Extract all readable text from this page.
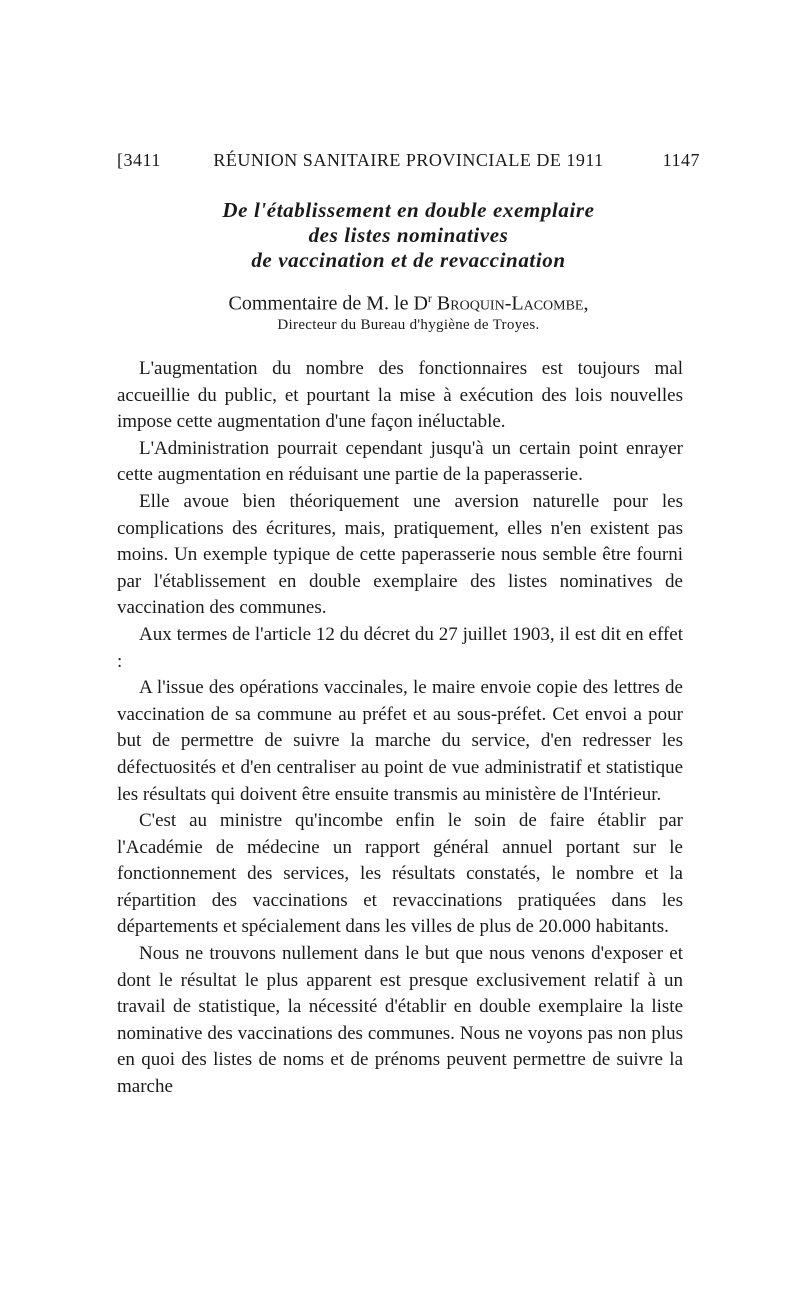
[3411	RÉUNION SANITAIRE PROVINCIALE DE 1911	1147
De l'établissement en double exemplaire
des listes nominatives
de vaccination et de revaccination
Commentaire de M. le $D^r$ Broquin-Lacombe,
Directeur du Bureau d'hygiène de Troyes.

L'augmentation du nombre des fonctionnaires est toujours mal accueillie du public, et pourtant la mise à exécution des lois nouvelles impose cette augmentation d'une façon inéluctable.

L'Administration pourrait cependant jusqu'à un certain point enrayer cette augmentation en réduisant une partie de la paperasserie.

Elle avoue bien théoriquement une aversion naturelle pour les complications des écritures, mais, pratiquement, elles n'en existent pas moins. Un exemple typique de cette paperasserie nous semble être fourni par l'établissement en double exemplaire des listes nominatives de vaccination des communes.

Aux termes de l'article 12 du décret du 27 juillet 1903, il est dit en effet :

A l'issue des opérations vaccinales, le maire envoie copie des lettres de vaccination de sa commune au préfet et au sous-préfet. Cet envoi a pour but de permettre de suivre la marche du service, d'en redresser les défectuosités et d'en centraliser au point de vue administratif et statistique les résultats qui doivent être ensuite transmis au ministère de l'Intérieur.

C'est au ministre qu'incombe enfin le soin de faire établir par l'Académie de médecine un rapport général annuel portant sur le fonctionnement des services, les résultats constatés, le nombre et la répartition des vaccinations et revaccinations pratiquées dans les départements et spécialement dans les villes de plus de 20.000 habitants.

Nous ne trouvons nullement dans le but que nous venons d'exposer et dont le résultat le plus apparent est presque exclusivement relatif à un travail de statistique, la nécessité d'établir en double exemplaire la liste nominative des vaccinations des communes. Nous ne voyons pas non plus en quoi des listes de noms et de prénoms peuvent permettre de suivre la marche
